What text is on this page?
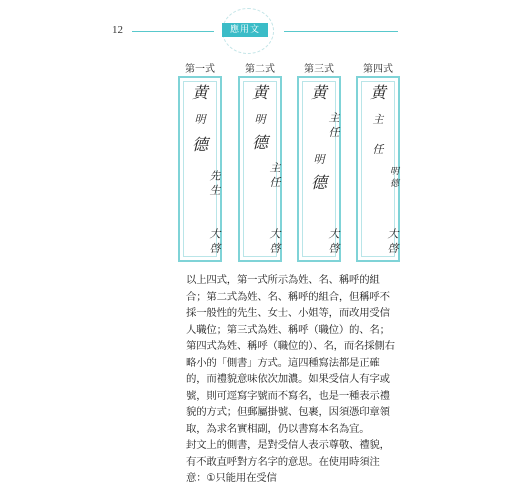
12	應用文
第一式
黄
明
德
先 生
大 啓
第二式
黄
明
德
主 任
大 啓
第三式
黄
主 任
明
德
大 啓
第四式
黄
主
任
明 德
大 啓

以上四式，第一式所示為姓、名、稱呼的組合；第二式為姓、名、稱呼的組合，但稱呼不採一般性的先生、女士、小姐等，而改用受信人職位；第三式為姓、稱呼（職位）的、名；第四式為姓、稱呼（職位的）、名，而名採側右略小的「側書」方式。這四種寫法都是正確的，而禮貌意味依次加濃。如果受信人有字或號，則可逕寫字號而不寫名，也是一種表示禮貌的方式；但郵屬掛號、包裹，因須憑印章領取，為求名實相副，仍以書寫本名為宜。

封文上的側書，是對受信人表示尊敬、禮貌，有不敢直呼對方名字的意思。在使用時須注意：①只能用在受信
